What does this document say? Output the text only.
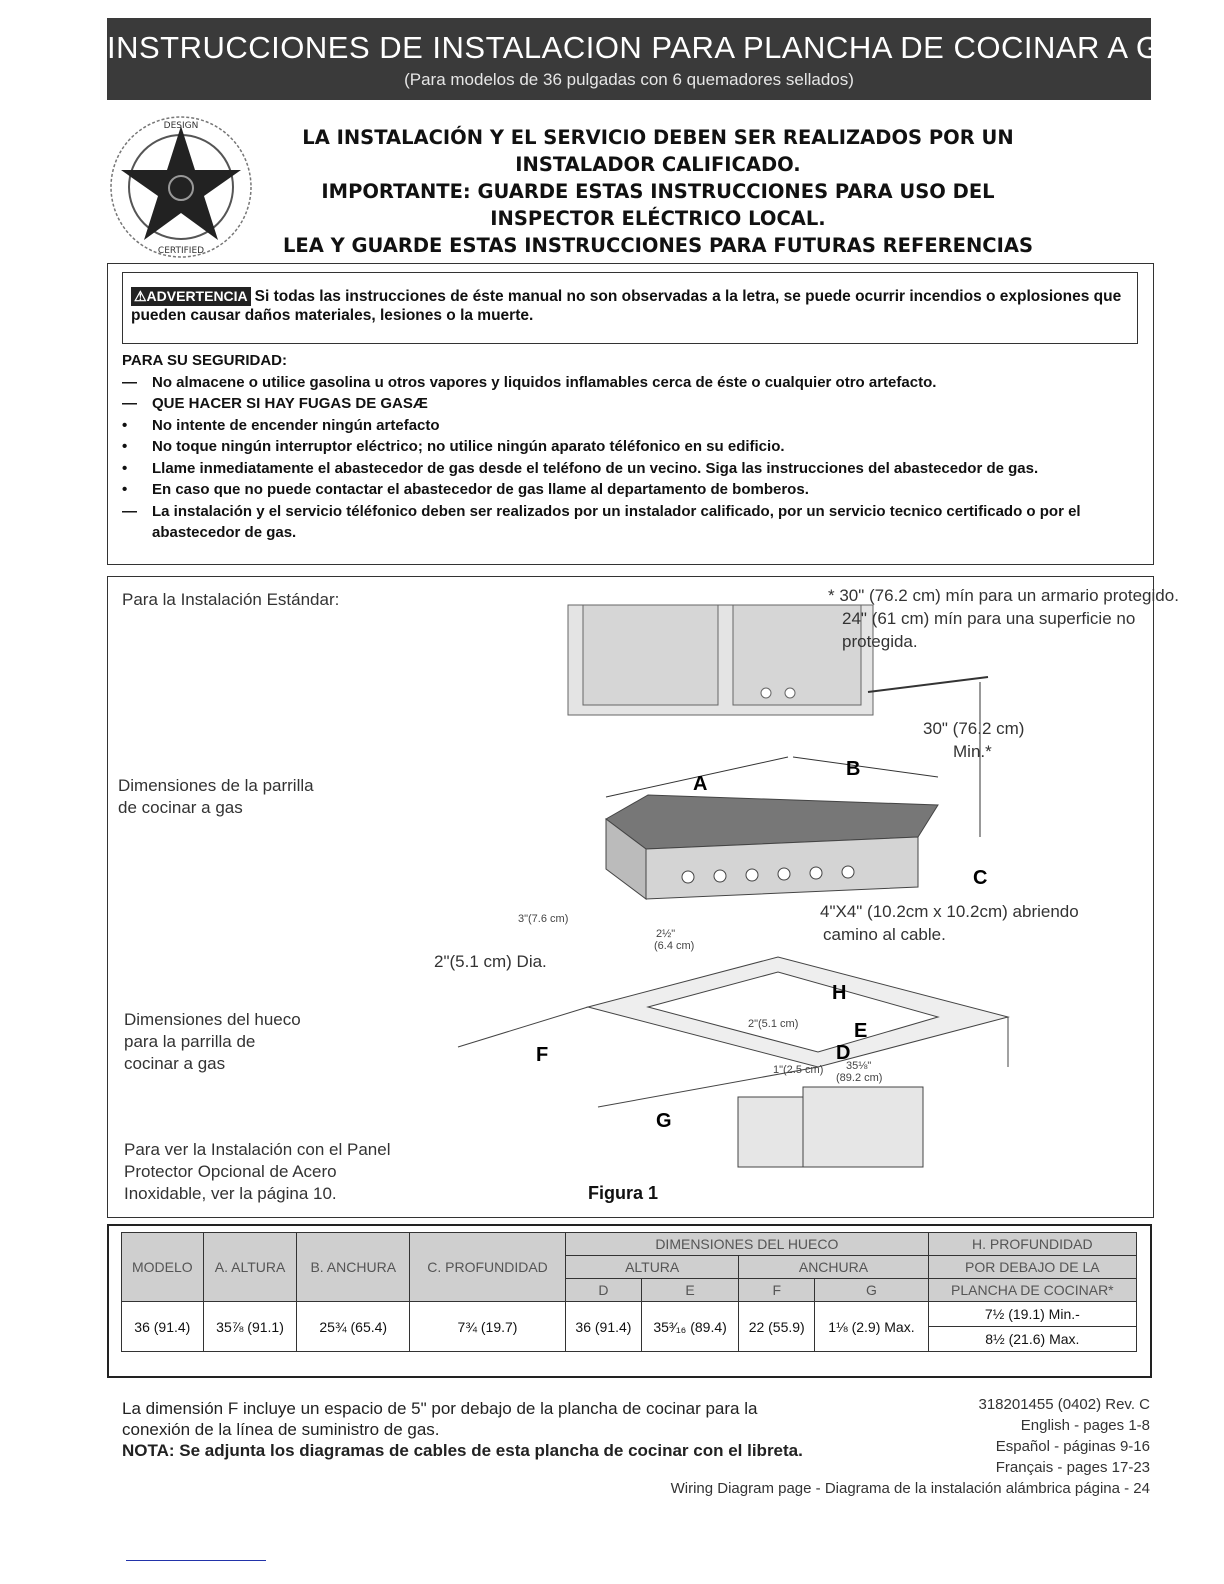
INSTRUCCIONES DE INSTALACION PARA PLANCHA DE COCINAR A GAS
(Para modelos de 36 pulgadas con 6 quemadores sellados)
DESIGN
CERTIFIED
LA INSTALACIÓN Y EL SERVICIO DEBEN SER REALIZADOS POR UN
INSTALADOR CALIFICADO.
IMPORTANTE: GUARDE ESTAS INSTRUCCIONES PARA USO DEL
INSPECTOR ELÉCTRICO LOCAL.
LEA Y GUARDE ESTAS INSTRUCCIONES PARA FUTURAS REFERENCIAS
⚠ADVERTENCIA Si todas las instrucciones de éste manual no son observadas a la letra, se puede ocurrir incendios o explosiones que pueden causar daños materiales, lesiones o la muerte.
PARA SU SEGURIDAD:
—	No almacene o utilice gasolina u otros vapores y liquidos inflamables cerca de éste o cualquier otro artefacto.
—	QUE HACER SI HAY FUGAS DE GASÆ
•	No intente de encender ningún artefacto
•	No toque ningún interruptor eléctrico; no utilice ningún aparato téléfonico en su edificio.
•	Llame inmediatamente el abastecedor de gas desde el teléfono de un vecino. Siga las instrucciones del abastecedor de gas.
•	En caso que no puede contactar el abastecedor de gas llame al departamento de bomberos.
—	La instalación y el servicio téléfonico deben ser realizados por un instalador calificado, por un servicio tecnico certificado o por el abastecedor de gas.
Para la Instalación Estándar:
Dimensiones de la parrilla
de cocinar a gas
Dimensiones del hueco
para la parrilla de
cocinar a gas
Para ver la Instalación con el Panel
Protector Opcional de Acero
Inoxidable, ver la página 10.
* 30" (76.2 cm) mín para un armario protegido.
24" (61 cm) mín para una superficie no
protegida.
30" (76.2 cm)
Min.*
A
B
C
4"X4" (10.2cm x 10.2cm) abriendo
camino al cable.
3"(7.6 cm)
2½"
(6.4 cm)
2"(5.1 cm) Dia.
2"(5.1 cm)
1"(2.5 cm) 35⅛"
(89.2 cm)
H
E
D
F
G
Figura 1
MODELO	A. ALTURA	B. ANCHURA	C. PROFUNDIDAD	DIMENSIONES DEL HUECO				H. PROFUNDIDAD
				ALTURA		ANCHURA		POR DEBAJO DE LA
				D	E	F	G	PLANCHA DE COCINAR*
36 (91.4)	35⅞ (91.1)	25¾ (65.4)	7¾ (19.7)	36 (91.4)	35³⁄₁₆ (89.4)	22 (55.9)	1⅛ (2.9) Max.	7½ (19.1) Min.-
								8½ (21.6) Max.
La dimensión F incluye un espacio de 5" por debajo de la plancha de cocinar para la
conexión de la línea de suministro de gas.
NOTA: Se adjunta los diagramas de cables de esta plancha de cocinar con el libreta.
318201455 (0402) Rev. C
English - pages 1-8
Español - páginas 9-16
Français - pages 17-23
Wiring Diagram page - Diagrama de la instalación alámbrica página - 24
